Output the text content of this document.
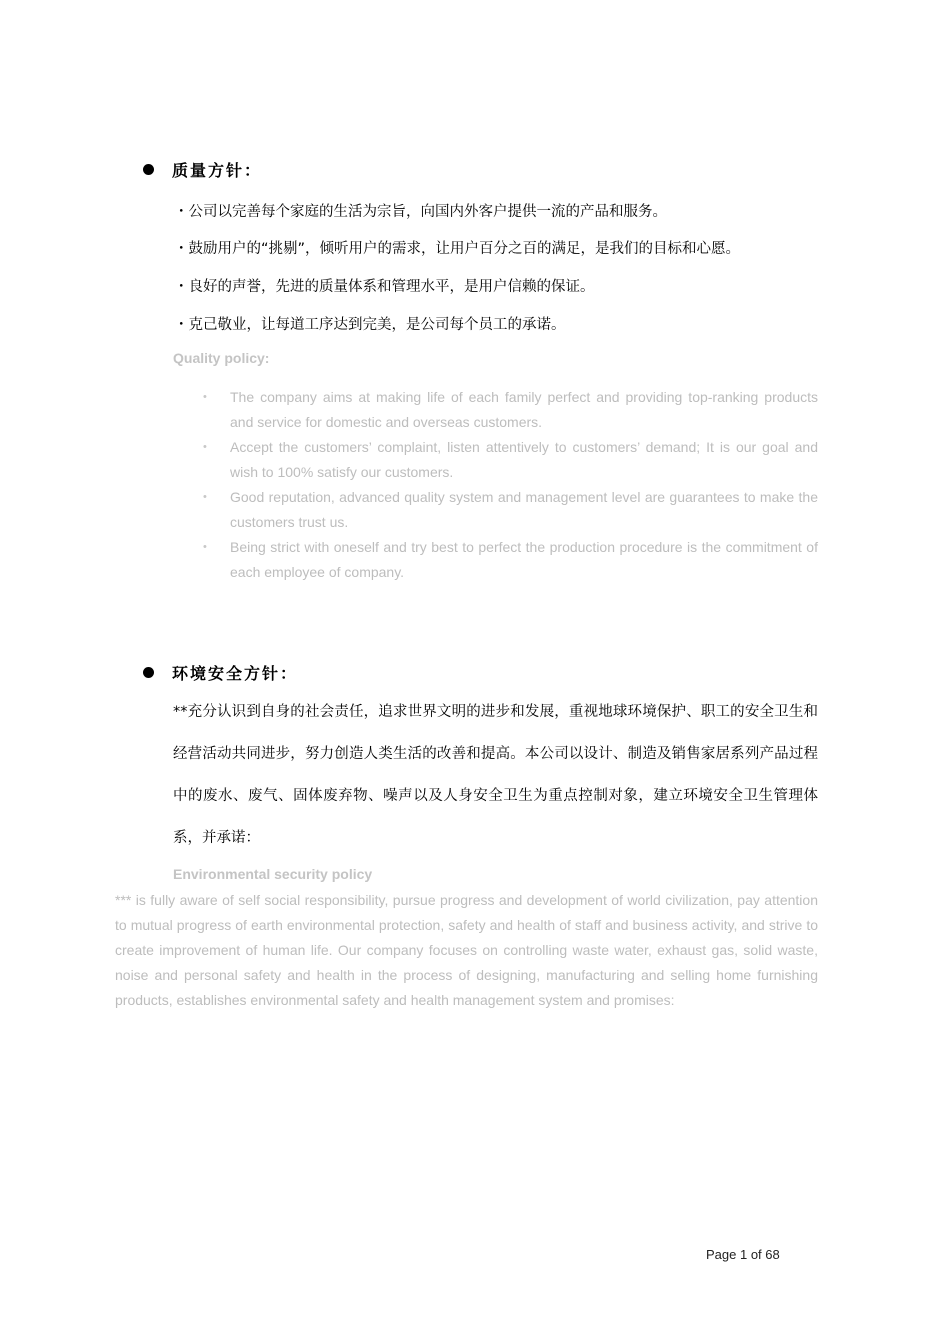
质量方针：
・公司以完善每个家庭的生活为宗旨，向国内外客户提供一流的产品和服务。
・鼓励用户的“挑剔”，倾听用户的需求，让用户百分之百的满足，是我们的目标和心愿。
・良好的声誉，先进的质量体系和管理水平，是用户信赖的保证。
・克己敬业，让每道工序达到完美，是公司每个员工的承诺。
Quality policy:
• The company aims at making life of each family perfect and providing top-ranking products and service for domestic and overseas customers.
• Accept the customers’ complaint, listen attentively to customers’ demand; It is our goal and wish to 100% satisfy our customers.
• Good reputation, advanced quality system and management level are guarantees to make the customers trust us.
• Being strict with oneself and try best to perfect the production procedure is the commitment of each employee of company.
环境安全方针：
**充分认识到自身的社会责任，追求世界文明的进步和发展，重视地球环境保护、职工的安全卫生和经营活动共同进步，努力创造人类生活的改善和提高。本公司以设计、制造及销售家居系列产品过程中的废水、废气、固体废弃物、噪声以及人身安全卫生为重点控制对象，建立环境安全卫生管理体系，并承诺：
Environmental security policy
*** is fully aware of self social responsibility, pursue progress and development of world civilization, pay attention to mutual progress of earth environmental protection, safety and health of staff and business activity, and strive to create improvement of human life. Our company focuses on controlling waste water, exhaust gas, solid waste, noise and personal safety and health in the process of designing, manufacturing and selling home furnishing products, establishes environmental safety and health management system and promises:
Page 1 of 68
